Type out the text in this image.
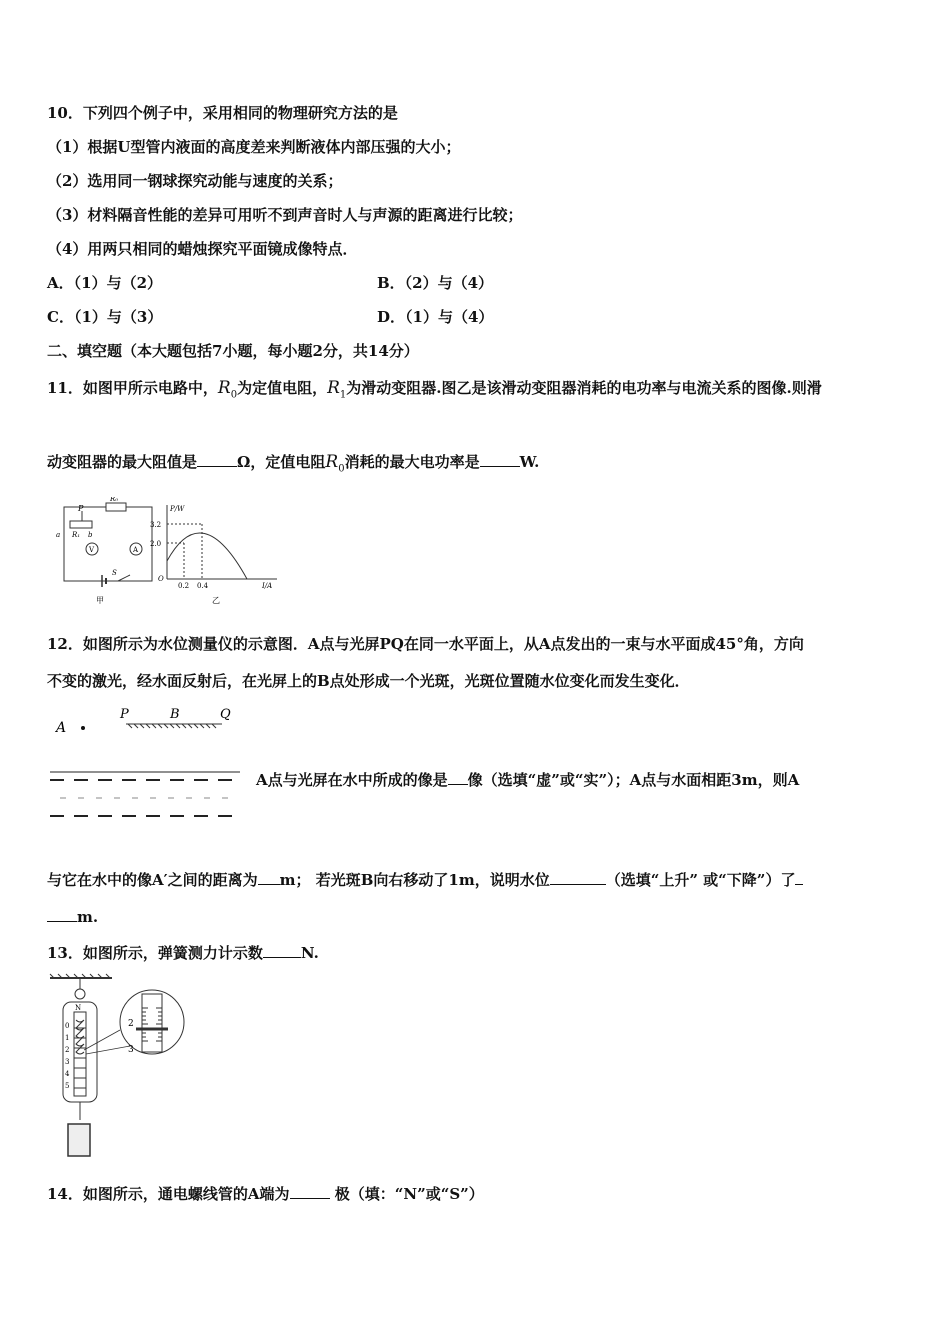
10．下列四个例子中，采用相同的物理研究方法的是
（1）根据U型管内液面的高度差来判断液体内部压强的大小；
（2）选用同一钢球探究动能与速度的关系；
（3）材料隔音性能的差异可用听不到声音时人与声源的距离进行比较；
（4）用两只相同的蜡烛探究平面镜成像特点．
A．（1）与（2）	B．（2）与（4）
C．（1）与（3）	D．（1）与（4）
二、填空题（本大题包括7小题，每小题2分，共14分）
11．如图甲所示电路中，$R_0$为定值电阻，$R_1$为滑动变阻器.图乙是该滑动变阻器消耗的电功率与电流关系的图像.则滑
动变阻器的最大阻值是	Ω，定值电阻$R_0$消耗的最大电功率是	W.
P
R₀
a R₁ b
V	A
S
甲
P/W
3.2
2.0
O
0.2 0.4	I/A
乙
12．如图所示为水位测量仪的示意图．A点与光屏PQ在同一水平面上，从A点发出的一束与水平面成45°角，方向
不变的激光，经水面反射后，在光屏上的B点处形成一个光斑，光斑位置随水位变化而发生变化．
A
P	B	Q
A点与光屏在水中所成的像是 像（选填“虚”或“实”）；A点与水面相距3m，则A
与它在水中的像A′之间的距离为 m； 若光斑B向右移动了1m，说明水位	（选填“上升” 或“下降”）了
m.
13．如图所示，弹簧测力计示数	N.
N
0
1
2
3
4
5
2
3
14．如图所示，通电螺线管的A端为	极（填：“N”或“S”）
